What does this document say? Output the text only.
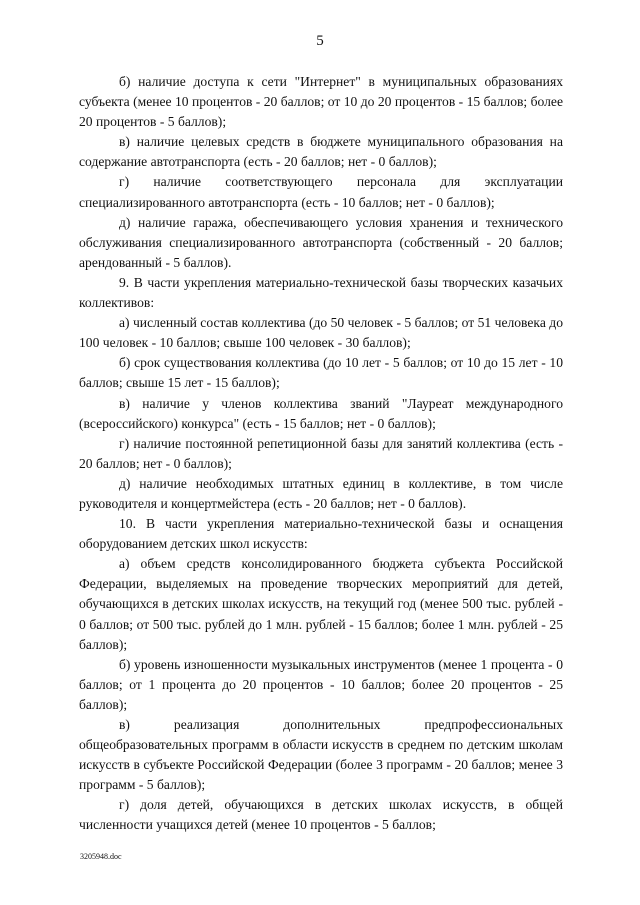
5

б) наличие доступа к сети "Интернет" в муниципальных образованиях субъекта (менее 10 процентов - 20 баллов; от 10 до 20 процентов - 15 баллов; более 20 процентов - 5 баллов);

в) наличие целевых средств в бюджете муниципального образования на содержание автотранспорта (есть - 20 баллов; нет - 0 баллов);

г) наличие соответствующего персонала для эксплуатации специализированного автотранспорта (есть - 10 баллов; нет - 0 баллов);

д) наличие гаража, обеспечивающего условия хранения и технического обслуживания специализированного автотранспорта (собственный - 20 баллов; арендованный - 5 баллов).

9. В части укрепления материально-технической базы творческих казачьих коллективов:

а) численный состав коллектива (до 50 человек - 5 баллов; от 51 человека до 100 человек - 10 баллов; свыше 100 человек - 30 баллов);

б) срок существования коллектива (до 10 лет - 5 баллов; от 10 до 15 лет - 10 баллов; свыше 15 лет - 15 баллов);

в) наличие у членов коллектива званий "Лауреат международного (всероссийского) конкурса" (есть - 15 баллов; нет - 0 баллов);

г) наличие постоянной репетиционной базы для занятий коллектива (есть - 20 баллов; нет - 0 баллов);

д) наличие необходимых штатных единиц в коллективе, в том числе руководителя и концертмейстера (есть - 20 баллов; нет - 0 баллов).

10. В части укрепления материально-технической базы и оснащения оборудованием детских школ искусств:

а) объем средств консолидированного бюджета субъекта Российской Федерации, выделяемых на проведение творческих мероприятий для детей, обучающихся в детских школах искусств, на текущий год (менее 500 тыс. рублей - 0 баллов; от 500 тыс. рублей до 1 млн. рублей - 15 баллов; более 1 млн. рублей - 25 баллов);

б) уровень изношенности музыкальных инструментов (менее 1 процента - 0 баллов; от 1 процента до 20 процентов - 10 баллов; более 20 процентов - 25 баллов);

в) реализация дополнительных предпрофессиональных общеобразовательных программ в области искусств в среднем по детским школам искусств в субъекте Российской Федерации (более 3 программ - 20 баллов; менее 3 программ - 5 баллов);

г) доля детей, обучающихся в детских школах искусств, в общей численности учащихся детей (менее 10 процентов - 5 баллов;

3205948.doc
